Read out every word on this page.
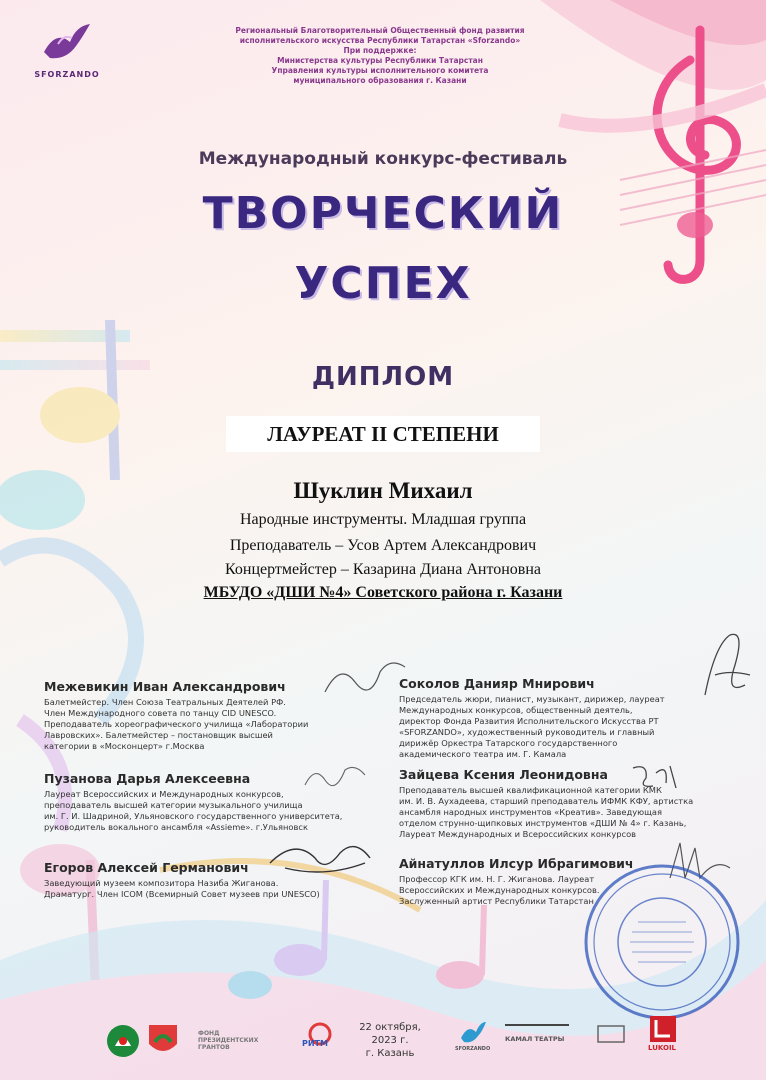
SFORZANDO
Региональный Благотворительный Общественный фонд развития
исполнительского искусства Республики Татарстан «Sforzando»
При поддержке:
Министерства культуры Республики Татарстан
Управления культуры исполнительного комитета
муниципального образования г. Казани
Международный конкурс-фестиваль
ТВОРЧЕСКИЙ
УСПЕХ
ДИПЛОМ
ЛАУРЕАТ II СТЕПЕНИ
Шуклин Михаил
Народные инструменты. Младшая группа
Преподаватель – Усов Артем Александрович
Концертмейстер – Казарина Диана Антоновна
МБУДО «ДШИ №4» Советского района г. Казани
Межевикин Иван Александрович
Балетмейстер. Член Союза Театральных Деятелей РФ.
Член Международного совета по танцу CID UNESCO.
Преподаватель хореографического училища «Лаборатории
Лавровских». Балетмейстер – постановщик высшей
категории в «Москонцерт» г.Москва
Пузанова Дарья Алексеевна
Лауреат Всероссийских и Международных конкурсов,
преподаватель высшей категории музыкального училища
им. Г. И. Шадриной, Ульяновского государственного университета,
руководитель вокального ансамбля «Assieme». г.Ульяновск
Егоров Алексей Германович
Заведующий музеем композитора Назиба Жиганова.
Драматург. Член ICOM (Всемирный Совет музеев при UNESCO)
Соколов Данияр Мнирович
Председатель жюри, пианист, музыкант, дирижер, лауреат
Международных конкурсов, общественный деятель,
директор Фонда Развития Исполнительского Искусства РТ
«SFORZANDO», художественный руководитель и главный
дирижёр Оркестра Татарского государственного
академического театра им. Г. Камала
Зайцева Ксения Леонидовна
Преподаватель высшей квалификационной категории КМК
им. И. В. Аухадеева, старший преподаватель ИФМК КФУ, артистка
ансамбля народных инструментов «Креатив». Заведующая
отделом струнно-щипковых инструментов «ДШИ № 4» г. Казань,
Лауреат Международных и Всероссийских конкурсов
Айнатуллов Илсур Ибрагимович
Профессор КГК им. Н. Г. Жиганова. Лауреат
Всероссийских и Международных конкурсов.
Заслуженный артист Республики Татарстан
ФОНД ПРЕЗИДЕНТСКИХ ГРАНТОВ	РИТМ
22 октября,
2023 г.
г. Казань	SFORZANDO
КАМАЛ ТЕАТРЫ
LUKOIL
